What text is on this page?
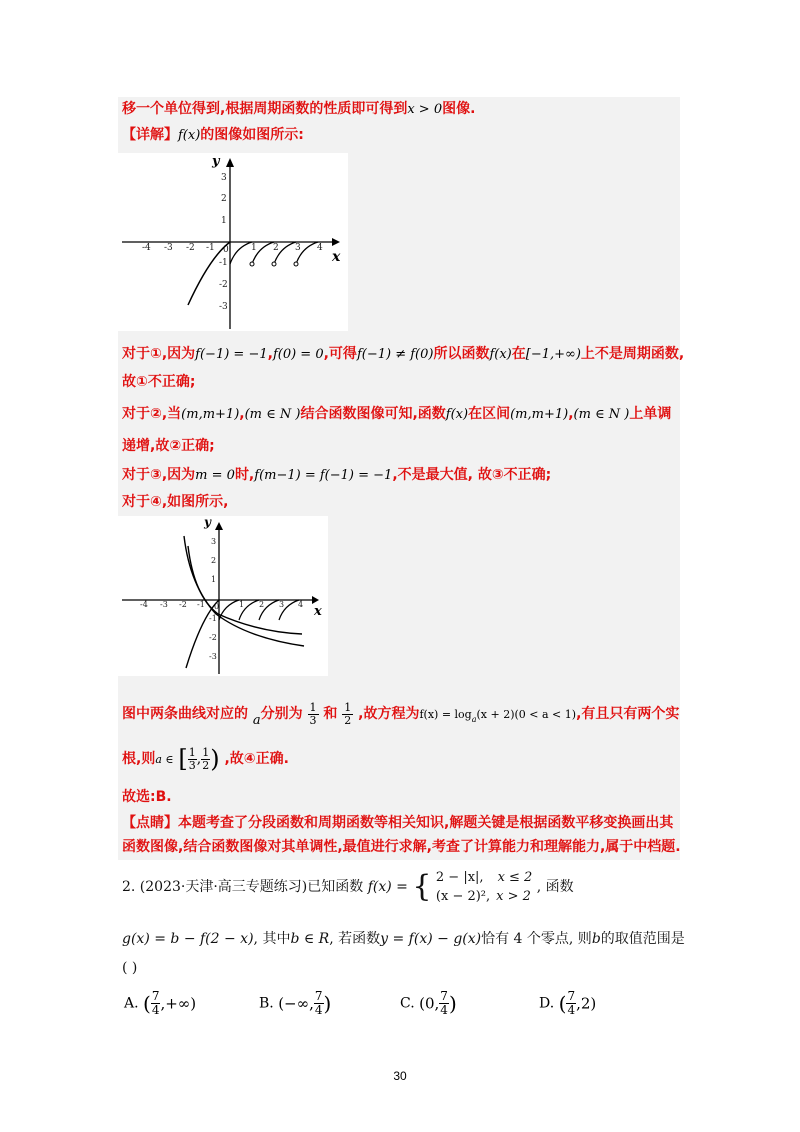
移一个单位得到,根据周期函数的性质即可得到x > 0图像.
【详解】f(x)的图像如图所示:
x
y
-4 -3 -2 -1 0 1 2 3 4
3
2
1
-1
-2
-3
对于①,因为f(−1) = −1,f(0) = 0,可得f(−1) ≠ f(0)所以函数f(x)在[−1,+∞)上不是周期函数,
故①不正确;
对于②,当(m,m+1),(m ∈ N )结合函数图像可知,函数f(x)在区间(m,m+1),(m ∈ N )上单调
递增,故②正确;
对于③,因为m = 0时,f(m−1) = f(−1) = −1,不是最大值, 故③不正确;
对于④,如图所示,
x
y
-4 -3 -2 -1 0 1 2 3 4
3
2
1
-1
-2
-3
图中两条曲线对应的 a分别为 $\frac{1}{3}$ 和 $\frac{1}{2}$ ,故方程为$f(x) = \log_a(x + 2)(0 < a < 1)$,有且只有两个实
根,则a ∈ [ $\frac{1}{3}$ , $\frac{1}{2}$ ) ,故④正确.
故选:B.
【点睛】本题考查了分段函数和周期函数等相关知识,解题关键是根据函数平移变换画出其
函数图像,结合函数图像对其单调性,最值进行求解,考查了计算能力和理解能力,属于中档题.
2. (2023·天津·高三专题练习)已知函数 f(x) = { 2 − |x|, x ≤ 2
(x − 2)², x > 2
, 函数
g(x) = b − f(2 − x), 其中b ∈ R, 若函数y = f(x) − g(x)恰有 4 个零点, 则b的取值范围是
( )
A. ( $\frac{7}{4}$ ,+∞)	B. (−∞, $\frac{7}{4}$ )	C. (0, $\frac{7}{4}$ )	D. ( $\frac{7}{4} ,2$)
30
